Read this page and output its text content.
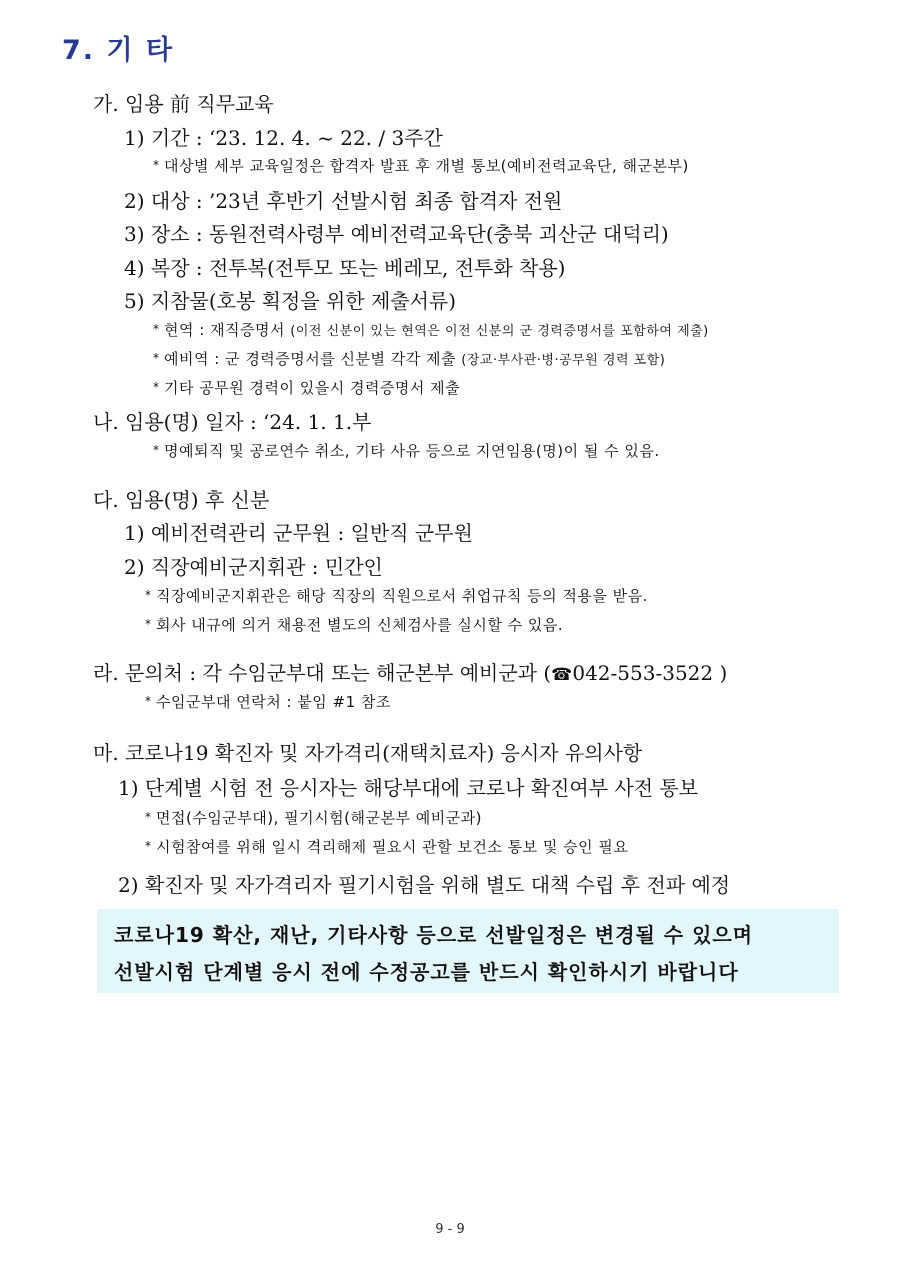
7. 기 타
가. 임용 前 직무교육
1) 기간 : ‘23. 12. 4. ~ 22. / 3주간
* 대상별 세부 교육일정은 합격자 발표 후 개별 통보(예비전력교육단, 해군본부)
2) 대상 : ’23년 후반기 선발시험 최종 합격자 전원
3) 장소 : 동원전력사령부 예비전력교육단(충북 괴산군 대덕리)
4) 복장 : 전투복(전투모 또는 베레모, 전투화 착용)
5) 지참물(호봉 획정을 위한 제출서류)
* 현역 : 재직증명서 (이전 신분이 있는 현역은 이전 신분의 군 경력증명서를 포함하여 제출)
* 예비역 : 군 경력증명서를 신분별 각각 제출 (장교·부사관·병·공무원 경력 포함)
* 기타 공무원 경력이 있을시 경력증명서 제출
나. 임용(명) 일자 : ‘24. 1. 1.부
* 명예퇴직 및 공로연수 취소, 기타 사유 등으로 지연임용(명)이 될 수 있음.
다. 임용(명) 후 신분
1) 예비전력관리 군무원 : 일반직 군무원
2) 직장예비군지휘관 : 민간인
* 직장예비군지휘관은 해당 직장의 직원으로서 취업규칙 등의 적용을 받음.
* 회사 내규에 의거 채용전 별도의 신체검사를 실시할 수 있음.
라. 문의처 : 각 수임군부대 또는 해군본부 예비군과 (☎042-553-3522 )
* 수임군부대 연락처 : 붙임 #1 참조
마. 코로나19 확진자 및 자가격리(재택치료자) 응시자 유의사항
1) 단계별 시험 전 응시자는 해당부대에 코로나 확진여부 사전 통보
* 면접(수임군부대), 필기시험(해군본부 예비군과)
* 시험참여를 위해 일시 격리해제 필요시 관할 보건소 통보 및 승인 필요
2) 확진자 및 자가격리자 필기시험을 위해 별도 대책 수립 후 전파 예정
코로나19 확산, 재난, 기타사항 등으로 선발일정은 변경될 수 있으며
선발시험 단계별 응시 전에 수정공고를 반드시 확인하시기 바랍니다
9 - 9
